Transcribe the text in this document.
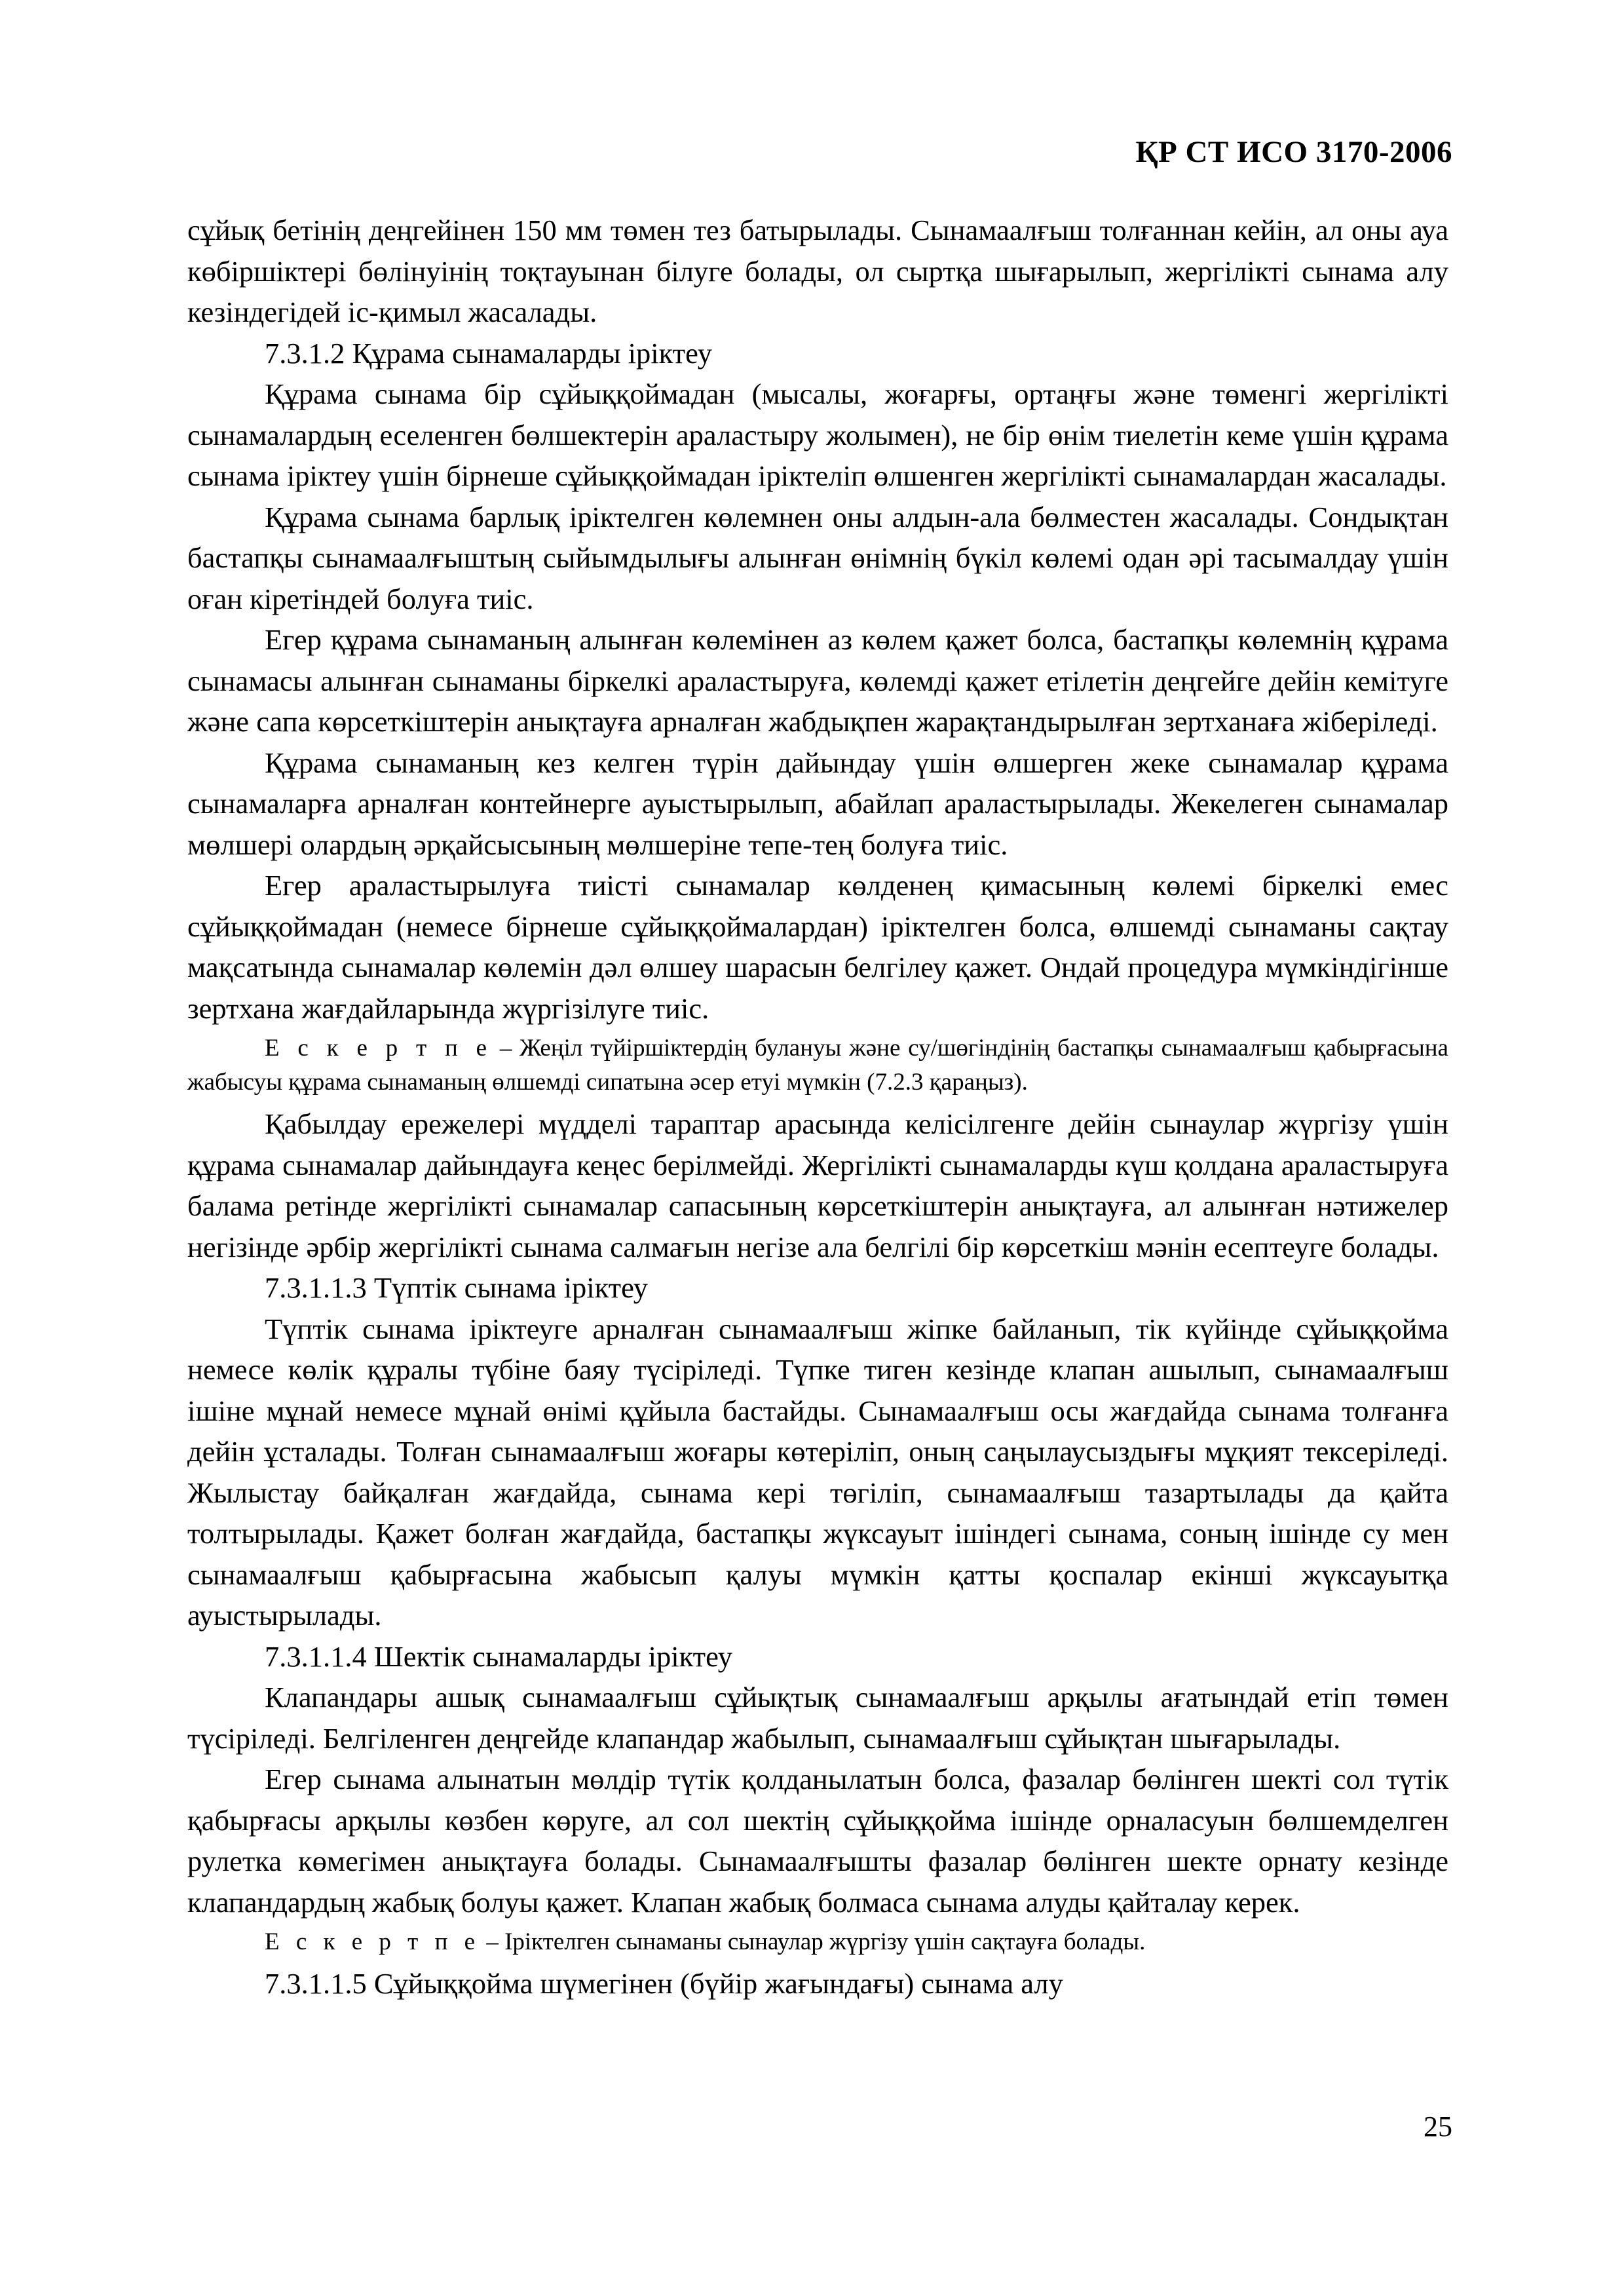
ҚР СТ ИСО 3170-2006

сұйық бетінің деңгейінен 150 мм төмен тез батырылады. Сынамаалғыш толғаннан кейін, ал оны ауа көбіршіктері бөлінуінің тоқтауынан білуге болады, ол сыртқа шығарылып, жергілікті сынама алу кезіндегідей іс-қимыл жасалады.

7.3.1.2 Құрама сынамаларды іріктеу

Құрама сынама бір сұйыққоймадан (мысалы, жоғарғы, ортаңғы және төменгі жергілікті сынамалардың еселенген бөлшектерін араластыру жолымен), не бір өнім тиелетін кеме үшін құрама сынама іріктеу үшін бірнеше сұйыққоймадан іріктеліп өлшенген жергілікті сынамалардан жасалады.

Құрама сынама барлық іріктелген көлемнен оны алдын-ала бөлместен жасалады. Сондықтан бастапқы сынамаалғыштың сыйымдылығы алынған өнімнің бүкіл көлемі одан әрі тасымалдау үшін оған кіретіндей болуға тиіс.

Егер құрама сынаманың алынған көлемінен аз көлем қажет болса, бастапқы көлемнің құрама сынамасы алынған сынаманы біркелкі араластыруға, көлемді қажет етілетін деңгейге дейін кемітуге және сапа көрсеткіштерін анықтауға арналған жабдықпен жарақтандырылған зертханаға жіберіледі.

Құрама сынаманың кез келген түрін дайындау үшін өлшерген жеке сынамалар құрама сынамаларға арналған контейнерге ауыстырылып, абайлап араластырылады. Жекелеген сынамалар мөлшері олардың әрқайсысының мөлшеріне тепе-тең болуға тиіс.

Егер араластырылуға тиісті сынамалар көлденең қимасының көлемі біркелкі емес сұйыққоймадан (немесе бірнеше сұйыққоймалардан) іріктелген болса, өлшемді сынаманы сақтау мақсатында сынамалар көлемін дәл өлшеу шарасын белгілеу қажет. Ондай процедура мүмкіндігінше зертхана жағдайларында жүргізілуге тиіс.

Е с к е р т п е – Жеңіл түйіршіктердің булануы және су/шөгіндінің бастапқы сынамаалғыш қабырғасына жабысуы құрама сынаманың өлшемді сипатына әсер етуі мүмкін (7.2.3 қараңыз).

Қабылдау ережелері мүдделі тараптар арасында келісілгенге дейін сынаулар жүргізу үшін құрама сынамалар дайындауға кеңес берілмейді. Жергілікті сынамаларды күш қолдана араластыруға балама ретінде жергілікті сынамалар сапасының көрсеткіштерін анықтауға, ал алынған нәтижелер негізінде әрбір жергілікті сынама салмағын негізе ала белгілі бір көрсеткіш мәнін есептеуге болады.

7.3.1.1.3 Түптік сынама іріктеу

Түптік сынама іріктеуге арналған сынамаалғыш жіпке байланып, тік күйінде сұйыққойма немесе көлік құралы түбіне баяу түсіріледі. Түпке тиген кезінде клапан ашылып, сынамаалғыш ішіне мұнай немесе мұнай өнімі құйыла бастайды. Сынамаалғыш осы жағдайда сынама толғанға дейін ұсталады. Толған сынамаалғыш жоғары көтеріліп, оның саңылаусыздығы мұқият тексеріледі. Жылыстау байқалған жағдайда, сынама кері төгіліп, сынамаалғыш тазартылады да қайта толтырылады. Қажет болған жағдайда, бастапқы жүксауыт ішіндегі сынама, соның ішінде су мен сынамаалғыш қабырғасына жабысып қалуы мүмкін қатты қоспалар екінші жүксауытқа ауыстырылады.

7.3.1.1.4 Шектік сынамаларды іріктеу

Клапандары ашық сынамаалғыш сұйықтық сынамаалғыш арқылы ағатындай етіп төмен түсіріледі. Белгіленген деңгейде клапандар жабылып, сынамаалғыш сұйықтан шығарылады.

Егер сынама алынатын мөлдір түтік қолданылатын болса, фазалар бөлінген шекті сол түтік қабырғасы арқылы көзбен көруге, ал сол шектің сұйыққойма ішінде орналасуын бөлшемделген рулетка көмегімен анықтауға болады. Сынамаалғышты фазалар бөлінген шекте орнату кезінде клапандардың жабық болуы қажет. Клапан жабық болмаса сынама алуды қайталау керек.

Е с к е р т п е – Іріктелген сынаманы сынаулар жүргізу үшін сақтауға болады.

7.3.1.1.5 Сұйыққойма шүмегінен (бүйір жағындағы) сынама алу

25
